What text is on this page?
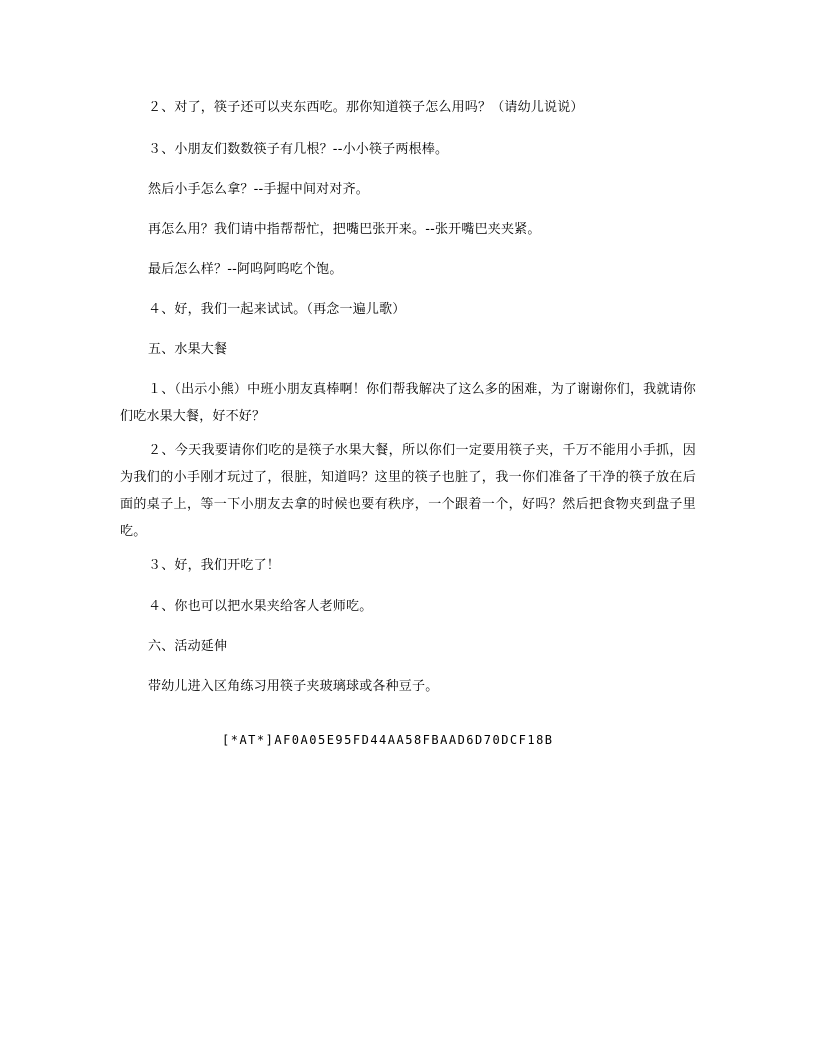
２、对了，筷子还可以夹东西吃。那你知道筷子怎么用吗？（请幼儿说说）
３、小朋友们数数筷子有几根？--小小筷子两根棒。
然后小手怎么拿？--手握中间对对齐。
再怎么用？我们请中指帮帮忙，把嘴巴张开来。--张开嘴巴夹夹紧。
最后怎么样？--阿呜阿呜吃个饱。
４、好，我们一起来试试。（再念一遍儿歌）
五、水果大餐
１、（出示小熊）中班小朋友真棒啊！你们帮我解决了这么多的困难，为了谢谢你们，我就请你们吃水果大餐，好不好？
２、今天我要请你们吃的是筷子水果大餐，所以你们一定要用筷子夹，千万不能用小手抓，因为我们的小手刚才玩过了，很脏，知道吗？这里的筷子也脏了，我一你们准备了干净的筷子放在后面的桌子上，等一下小朋友去拿的时候也要有秩序，一个跟着一个，好吗？然后把食物夹到盘子里吃。
３、好，我们开吃了！
４、你也可以把水果夹给客人老师吃。
六、活动延伸
带幼儿进入区角练习用筷子夹玻璃球或各种豆子。
[*AT*]AF0A05E95FD44AA58FBAAD6D70DCF18B
